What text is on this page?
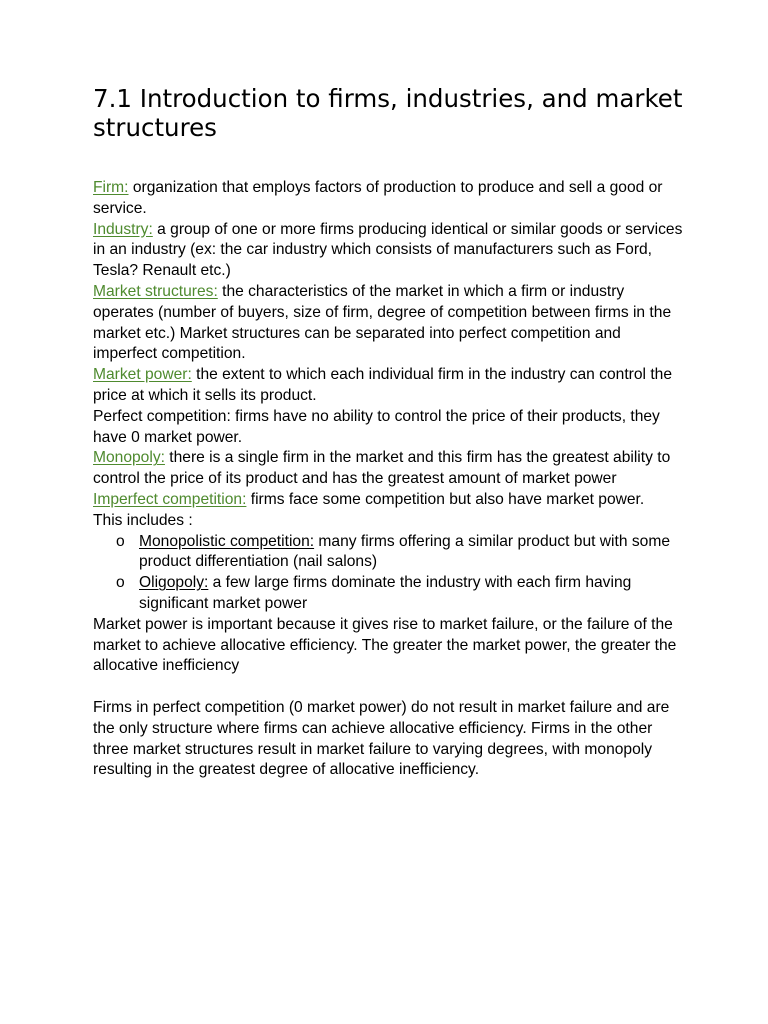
7.1 Introduction to firms, industries, and market structures

Firm: organization that employs factors of production to produce and sell a good or service.

Industry: a group of one or more firms producing identical or similar goods or services in an industry (ex: the car industry which consists of manufacturers such as Ford, Tesla? Renault etc.)

Market structures: the characteristics of the market in which a firm or industry operates (number of buyers, size of firm, degree of competition between firms in the market etc.) Market structures can be separated into perfect competition and imperfect competition.

Market power: the extent to which each individual firm in the industry can control the price at which it sells its product.

Perfect competition: firms have no ability to control the price of their products, they have 0 market power.

Monopoly: there is a single firm in the market and this firm has the greatest ability to control the price of its product and has the greatest amount of market power

Imperfect competition: firms face some competition but also have market power.

This includes :

o Monopolistic competition: many firms offering a similar product but with some product differentiation (nail salons)
o Oligopoly: a few large firms dominate the industry with each firm having significant market power

Market power is important because it gives rise to market failure, or the failure of the market to achieve allocative efficiency. The greater the market power, the greater the allocative inefficiency

Firms in perfect competition (0 market power) do not result in market failure and are the only structure where firms can achieve allocative efficiency. Firms in the other three market structures result in market failure to varying degrees, with monopoly resulting in the greatest degree of allocative inefficiency.
